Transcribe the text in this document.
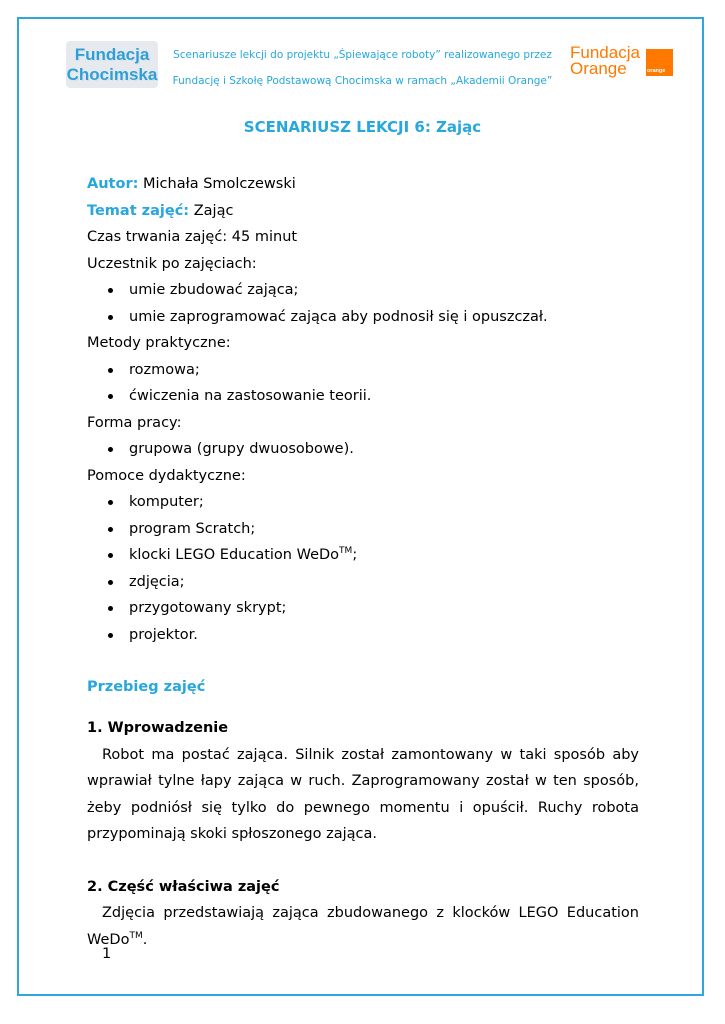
Fundacja
Chocimska
Scenariusze lekcji do projektu „Śpiewające roboty” realizowanego przez
Fundację i Szkołę Podstawową Chocimska w ramach „Akademii Orange”
Fundacja
Orange	orange
SCENARIUSZ LEKCJI 6: Zając

Autor: Michała Smolczewski

Temat zajęć: Zając

Czas trwania zajęć: 45 minut

Uczestnik po zajęciach:

umie zbudować zająca;
umie zaprogramować zająca aby podnosił się i opuszczał.

Metody praktyczne:

rozmowa;
ćwiczenia na zastosowanie teorii.

Forma pracy:

grupowa (grupy dwuosobowe).

Pomoce dydaktyczne:

komputer;
program Scratch;
klocki LEGO Education WeDo™;
zdjęcia;
przygotowany skrypt;
projektor.

Przebieg zajęć

1. Wprowadzenie

Robot ma postać zająca. Silnik został zamontowany w taki sposób aby wprawiał tylne łapy zająca w ruch. Zaprogramowany został w ten sposób, żeby podniósł się tylko do pewnego momentu i opuścił. Ruchy robota przypominają skoki spłoszonego zająca.

2. Część właściwa zajęć

Zdjęcia przedstawiają zająca zbudowanego z klocków LEGO Education WeDo™.

1
